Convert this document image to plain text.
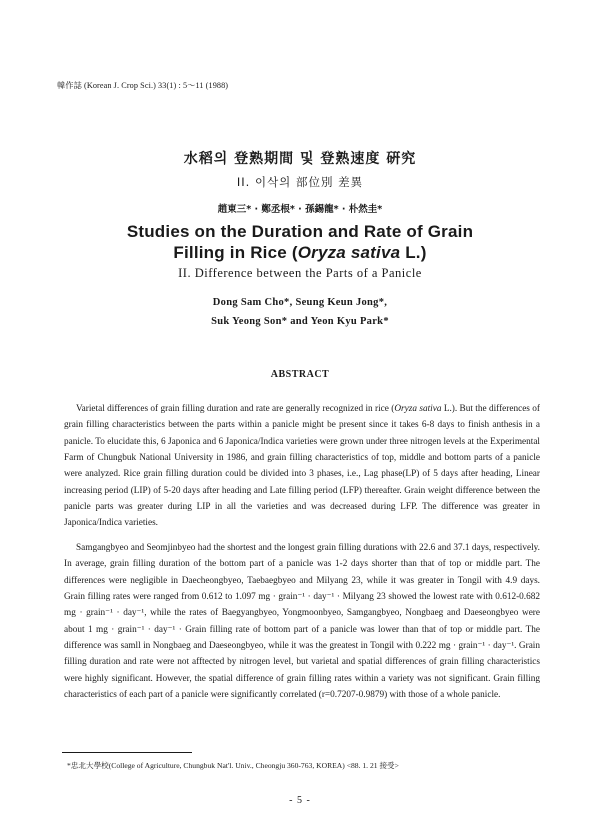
韓作誌 (Korean J. Crop Sci.) 33(1) : 5～11 (1988)
水稻의 登熟期間 및 登熟速度 硏究
II. 이삭의 部位別 差異
趙東三* · 鄭丞根* · 孫錫龍* · 朴然圭*
Studies on the Duration and Rate of Grain
Filling in Rice (Oryza sativa L.)
II. Difference between the Parts of a Panicle
Dong Sam Cho*, Seung Keun Jong*,
Suk Yeong Son* and Yeon Kyu Park*
ABSTRACT

Varietal differences of grain filling duration and rate are generally recognized in rice (Oryza sativa L.). But the differences of grain filling characteristics between the parts within a panicle might be present since it takes 6-8 days to finish anthesis in a panicle. To elucidate this, 6 Japonica and 6 Japonica/Indica varieties were grown under three nitrogen levels at the Experimental Farm of Chungbuk National University in 1986, and grain filling characteristics of top, middle and bottom parts of a panicle were analyzed. Rice grain filling duration could be divided into 3 phases, i.e., Lag phase(LP) of 5 days after heading, Linear increasing period (LIP) of 5-20 days after heading and Late filling period (LFP) thereafter. Grain weight difference between the panicle parts was greater during LIP in all the varieties and was decreased during LFP. The difference was greater in Japonica/Indica varieties.

Samgangbyeo and Seomjinbyeo had the shortest and the longest grain filling durations with 22.6 and 37.1 days, respectively. In average, grain filling duration of the bottom part of a panicle was 1-2 days shorter than that of top or middle part. The differences were negligible in Daecheongbyeo, Taebaegbyeo and Milyang 23, while it was greater in Tongil with 4.9 days. Grain filling rates were ranged from 0.612 to 1.097 mg · grain⁻¹ · day⁻¹ · Milyang 23 showed the lowest rate with 0.612-0.682 mg · grain⁻¹ · day⁻¹, while the rates of Baegyangbyeo, Yongmoonbyeo, Samgangbyeo, Nongbaeg and Daeseongbyeo were about 1 mg · grain⁻¹ · day⁻¹ · Grain filling rate of bottom part of a panicle was lower than that of top or middle part. The difference was samll in Nongbaeg and Daeseongbyeo, while it was the greatest in Tongil with 0.222 mg · grain⁻¹ · day⁻¹. Grain filling duration and rate were not afftected by nitrogen level, but varietal and spatial differences of grain filling characteristics were highly significant. However, the spatial difference of grain filling rates within a variety was not significant. Grain filling characteristics of each part of a panicle were significantly correlated (r=0.7207-0.9879) with those of a whole panicle.

*忠北大學校(College of Agriculture, Chungbuk Nat'l. Univ., Cheongju 360-763, KOREA) <88. 1. 21 接受>
- 5 -
